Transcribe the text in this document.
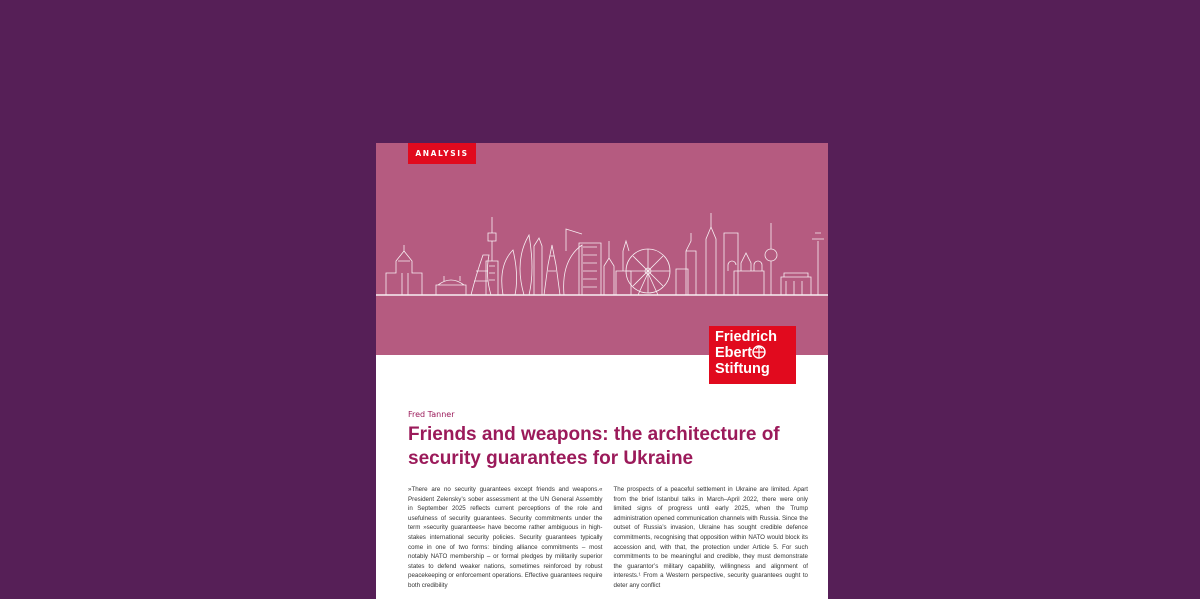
ANALYSIS
Friedrich
Ebert
Stiftung
Fred Tanner
Friends and weapons: the architecture of security guarantees for Ukraine
»There are no security guarantees except friends and weapons.« President Zelensky’s sober assessment at the UN General Assembly in September 2025 reflects current perceptions of the role and usefulness of security guarantees. Security commitments under the term »security guarantees« have become rather ambiguous in high-stakes international security policies. Security guarantees typically come in one of two forms: binding alliance commitments – most notably NATO membership – or formal pledges by militarily superior states to defend weaker nations, sometimes reinforced by robust peacekeeping or enforcement operations. Effective guarantees require both credibility
The prospects of a peaceful settlement in Ukraine are limited. Apart from the brief Istanbul talks in March–April 2022, there were only limited signs of progress until early 2025, when the Trump administration opened communication channels with Russia. Since the outset of Russia’s invasion, Ukraine has sought credible defence commitments, recognising that opposition within NATO would block its accession and, with that, the protection under Article 5. For such commitments to be meaningful and credible, they must demonstrate the guarantor’s military capability, willingness and alignment of interests.¹ From a Western perspective, security guarantees ought to deter any conflict
